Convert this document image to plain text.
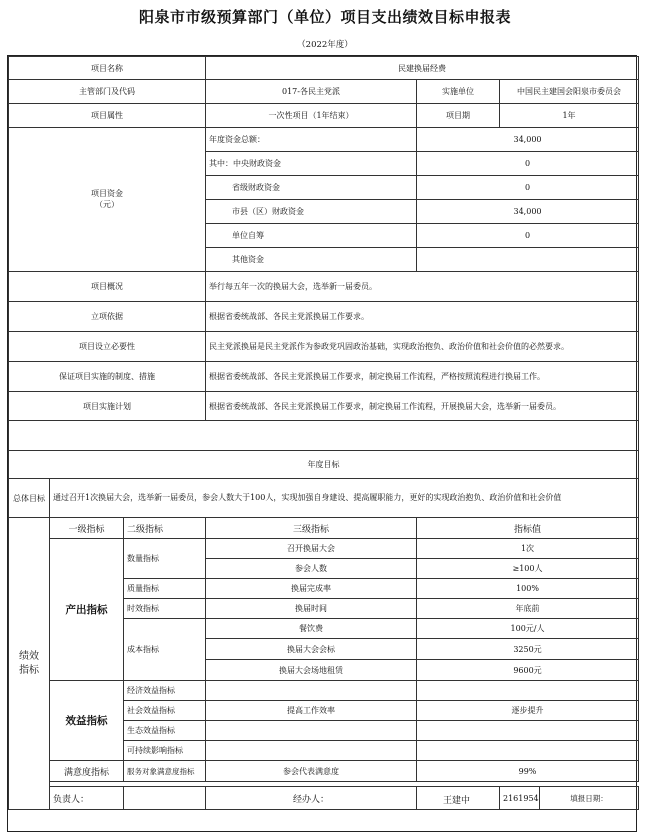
阳泉市市级预算部门（单位）项目支出绩效目标申报表
（2022年度）
项目名称			民建换届经费				
主管部门及代码			017-各民主党派	实施单位	中国民主建国会阳泉市委员会		
项目属性			一次性项目（1年结束）	项目期	1年		
项目资金
（元）			年度资金总额：	34,000			
			其中：中央财政资金	0			
			省级财政资金	0			
			市县（区）财政资金	34,000			
			单位自筹	0			
			其他资金				
项目概况			举行每五年一次的换届大会，选举新一届委员。				
立项依据			根据省委统战部、各民主党派换届工作要求。				
项目设立必要性			民主党派换届是民主党派作为参政党巩固政治基础，实现政治抱负、政治价值和社会价值的必然要求。				
保证项目实施的制度、措施			根据省委统战部、各民主党派换届工作要求，制定换届工作流程，严格按照流程进行换届工作。				
项目实施计划			根据省委统战部、各民主党派换届工作要求，制定换届工作流程，开展换届大会，选举新一届委员。				

年度目标							
总体目标	通过召开1次换届大会，选举新一届委员，参会人数大于100人，实现加强自身建设、提高履职能力，更好的实现政治抱负、政治价值和社会价值						
绩效指标	一级指标	二级指标	三级指标	指标值			
	产出指标	数量指标	召开换届大会	1次			
			参会人数	≥100人			
		质量指标	换届完成率	100%			
		时效指标	换届时间	年底前			
		成本指标	餐饮费	100元/人			
			换届大会会标	3250元			
			换届大会场地租赁	9600元			
	效益指标	经济效益指标					
		社会效益指标	提高工作效率	逐步提升			
		生态效益指标					
		可持续影响指标					
	满意度指标	服务对象满意度指标	参会代表满意度	99%			

	负责人：		经办人：	王建中	2161954	填报日期：	
